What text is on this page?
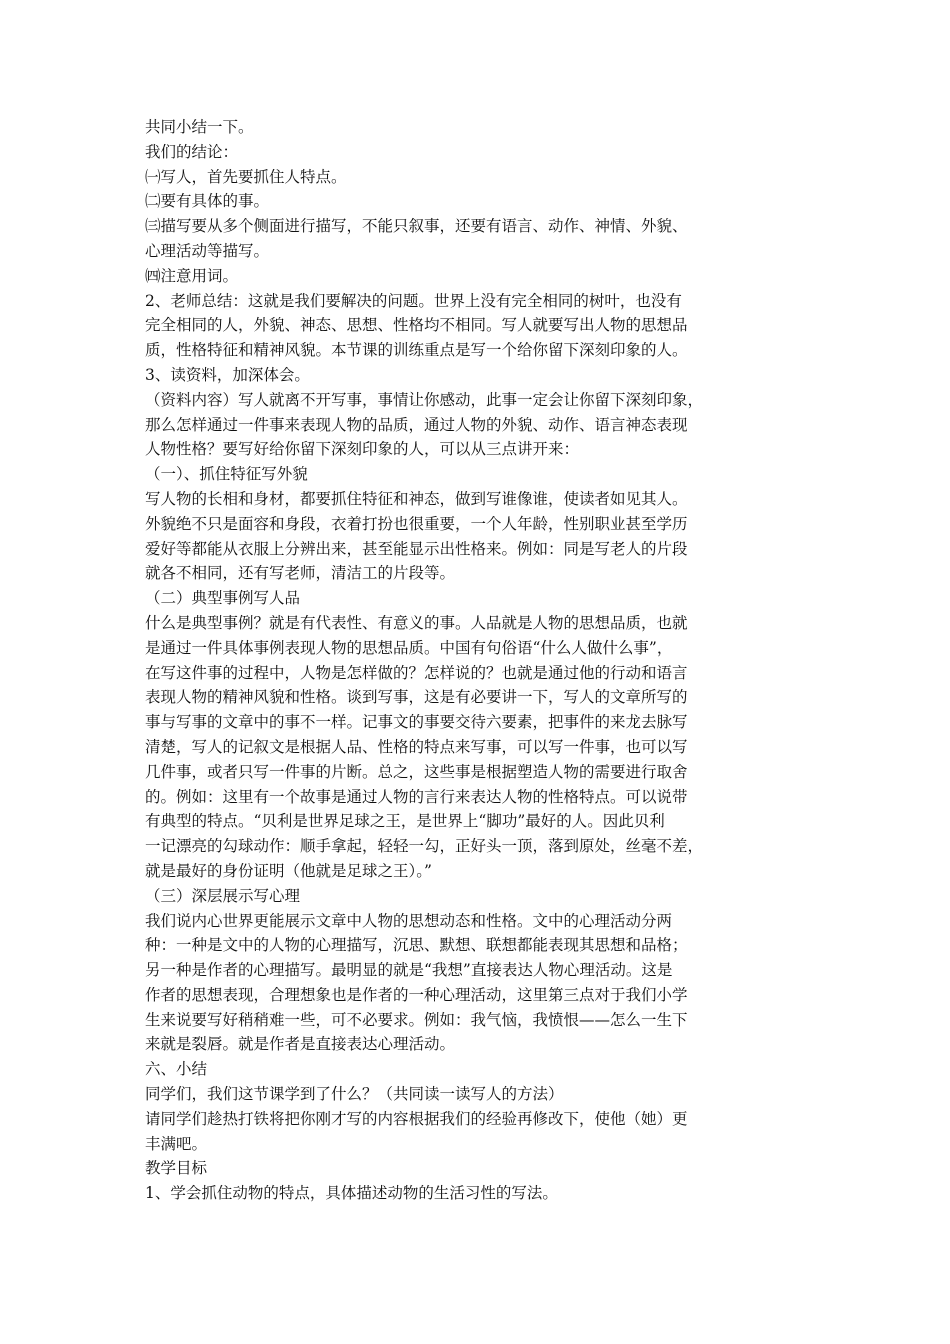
共同小结一下。
我们的结论：
㈠写人，首先要抓住人特点。
㈡要有具体的事。
㈢描写要从多个侧面进行描写，不能只叙事，还要有语言、动作、神情、外貌、
心理活动等描写。
㈣注意用词。
2、老师总结：这就是我们要解决的问题。世界上没有完全相同的树叶，也没有
完全相同的人，外貌、神态、思想、性格均不相同。写人就要写出人物的思想品
质，性格特征和精神风貌。本节课的训练重点是写一个给你留下深刻印象的人。
3、读资料，加深体会。
（资料内容）写人就离不开写事，事情让你感动，此事一定会让你留下深刻印象，
那么怎样通过一件事来表现人物的品质，通过人物的外貌、动作、语言神态表现
人物性格？要写好给你留下深刻印象的人，可以从三点讲开来：
（一）、抓住特征写外貌
写人物的长相和身材，都要抓住特征和神态，做到写谁像谁，使读者如见其人。
外貌绝不只是面容和身段，衣着打扮也很重要，一个人年龄，性别职业甚至学历
爱好等都能从衣服上分辨出来，甚至能显示出性格来。例如：同是写老人的片段
就各不相同，还有写老师，清洁工的片段等。
（二）典型事例写人品
什么是典型事例？就是有代表性、有意义的事。人品就是人物的思想品质，也就
是通过一件具体事例表现人物的思想品质。中国有句俗语“什么人做什么事”，
在写这件事的过程中，人物是怎样做的？怎样说的？也就是通过他的行动和语言
表现人物的精神风貌和性格。谈到写事，这是有必要讲一下，写人的文章所写的
事与写事的文章中的事不一样。记事文的事要交待六要素，把事件的来龙去脉写
清楚，写人的记叙文是根据人品、性格的特点来写事，可以写一件事，也可以写
几件事，或者只写一件事的片断。总之，这些事是根据塑造人物的需要进行取舍
的。例如：这里有一个故事是通过人物的言行来表达人物的性格特点。可以说带
有典型的特点。“贝利是世界足球之王，是世界上“脚功”最好的人。因此贝利
一记漂亮的勾球动作：顺手拿起，轻轻一勾，正好头一顶，落到原处，丝毫不差，
就是最好的身份证明（他就是足球之王）。”
（三）深层展示写心理
我们说内心世界更能展示文章中人物的思想动态和性格。文中的心理活动分两
种：一种是文中的人物的心理描写，沉思、默想、联想都能表现其思想和品格；
另一种是作者的心理描写。最明显的就是“我想”直接表达人物心理活动。这是
作者的思想表现，合理想象也是作者的一种心理活动，这里第三点对于我们小学
生来说要写好稍稍难一些，可不必要求。例如：我气恼，我愤恨——怎么一生下
来就是裂唇。就是作者是直接表达心理活动。
六、小结
同学们，我们这节课学到了什么？（共同读一读写人的方法）
请同学们趁热打铁将把你刚才写的内容根据我们的经验再修改下，使他（她）更
丰满吧。
教学目标
1、学会抓住动物的特点，具体描述动物的生活习性的写法。
